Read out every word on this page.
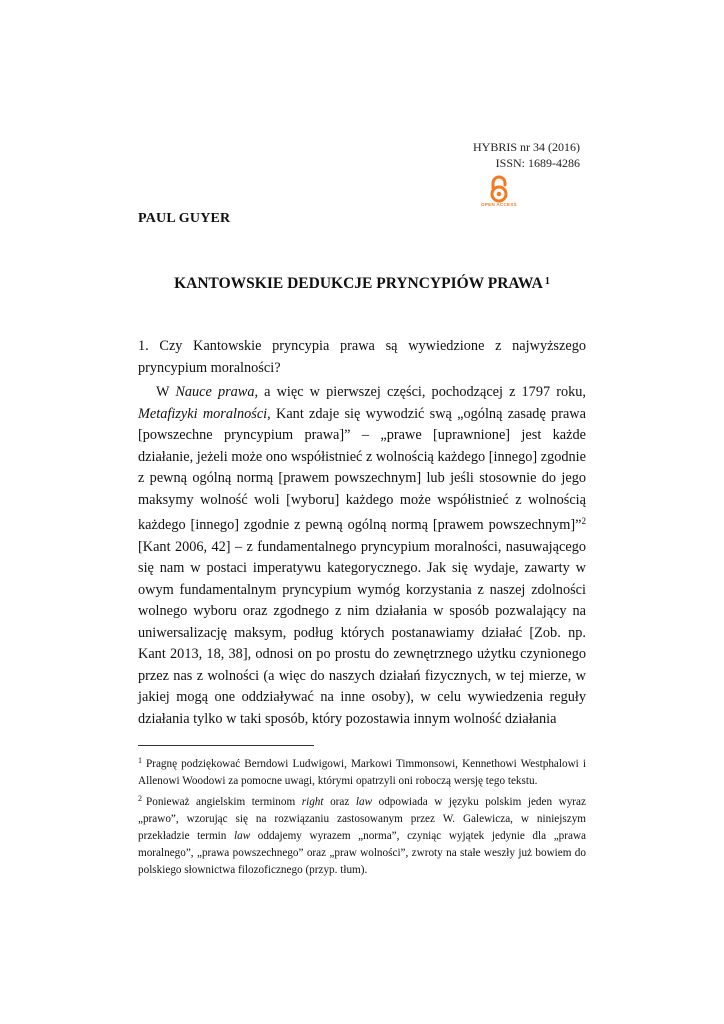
HYBRIS nr 34 (2016)
ISSN: 1689-4286
OPEN ACCESS
PAUL GUYER
KANTOWSKIE DEDUKCJE PRYNCYPIÓW PRAWA $^1$
1. Czy Kantowskie pryncypia prawa są wywiedzione z najwyższego pryncypium moralności?
W Nauce prawa, a więc w pierwszej części, pochodzącej z 1797 roku, Metafizyki moralności, Kant zdaje się wywodzić swą „ogólną zasadę prawa [powszechne pryncypium prawa]” – „prawe [uprawnione] jest każde działanie, jeżeli może ono współistnieć z wolnością każdego [innego] zgodnie z pewną ogólną normą [prawem powszechnym] lub jeśli stosownie do jego maksymy wolność woli [wyboru] każdego może współistnieć z wolnością każdego [innego] zgodnie z pewną ogólną normą [prawem powszechnym]”$^2$ [Kant 2006, 42] – z fundamentalnego pryncypium moralności, nasuwającego się nam w postaci imperatywu kategorycznego. Jak się wydaje, zawarty w owym fundamentalnym pryncypium wymóg korzystania z naszej zdolności wolnego wyboru oraz zgodnego z nim działania w sposób pozwalający na uniwersalizację maksym, podług których postanawiamy działać [Zob. np. Kant 2013, 18, 38], odnosi on po prostu do zewnętrznego użytku czynionego przez nas z wolności (a więc do naszych działań fizycznych, w tej mierze, w jakiej mogą one oddziaływać na inne osoby), w celu wywiedzenia reguły działania tylko w taki sposób, który pozostawia innym wolność działania
$^1$ Pragnę podziękować Berndowi Ludwigowi, Markowi Timmonsowi, Kennethowi Westphalowi i Allenowi Woodowi za pomocne uwagi, którymi opatrzyli oni roboczą wersję tego tekstu.
$^2$ Ponieważ angielskim terminom right oraz law odpowiada w języku polskim jeden wyraz „prawo”, wzorując się na rozwiązaniu zastosowanym przez W. Galewicza, w niniejszym przekładzie termin law oddajemy wyrazem „norma”, czyniąc wyjątek jedynie dla „prawa moralnego”, „prawa powszechnego” oraz „praw wolności”, zwroty na stałe weszły już bowiem do polskiego słownictwa filozoficznego (przyp. tłum).
